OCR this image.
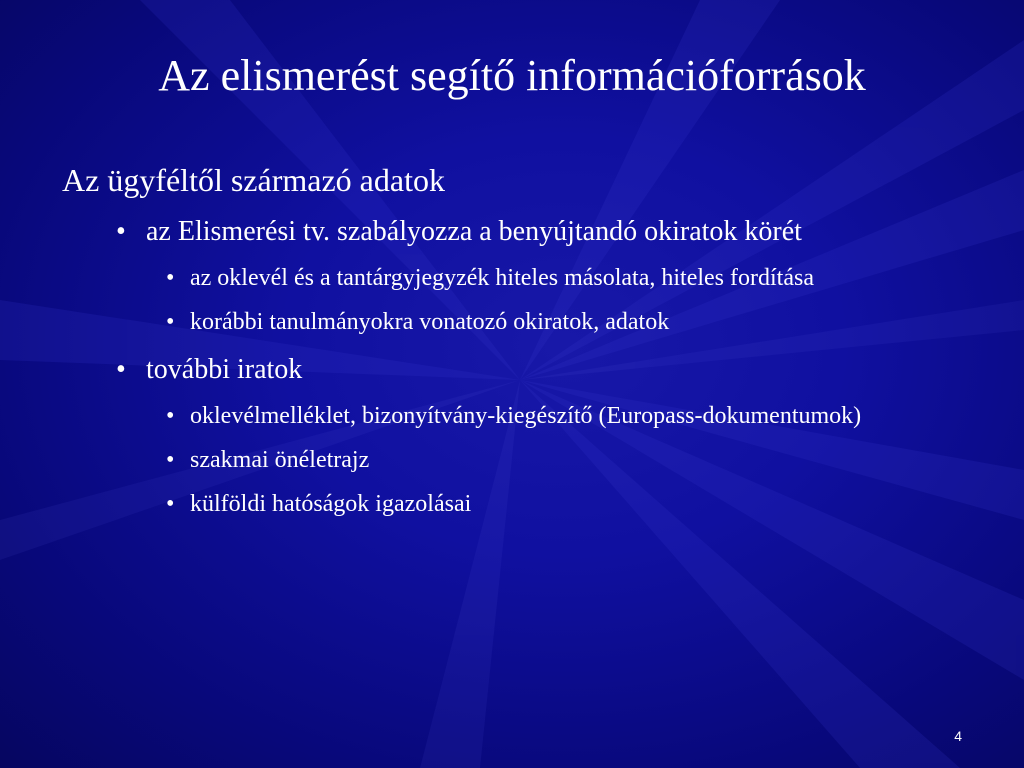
Az elismerést segítő információforrások
Az ügyféltől származó adatok
• az Elismerési tv. szabályozza a benyújtandó okiratok körét
• az oklevél és a tantárgyjegyzék hiteles másolata, hiteles fordítása
• korábbi tanulmányokra vonatozó okiratok, adatok
• további iratok
• oklevélmelléklet, bizonyítvány-kiegészítő (Europass-dokumentumok)
• szakmai önéletrajz
• külföldi hatóságok igazolásai
4
